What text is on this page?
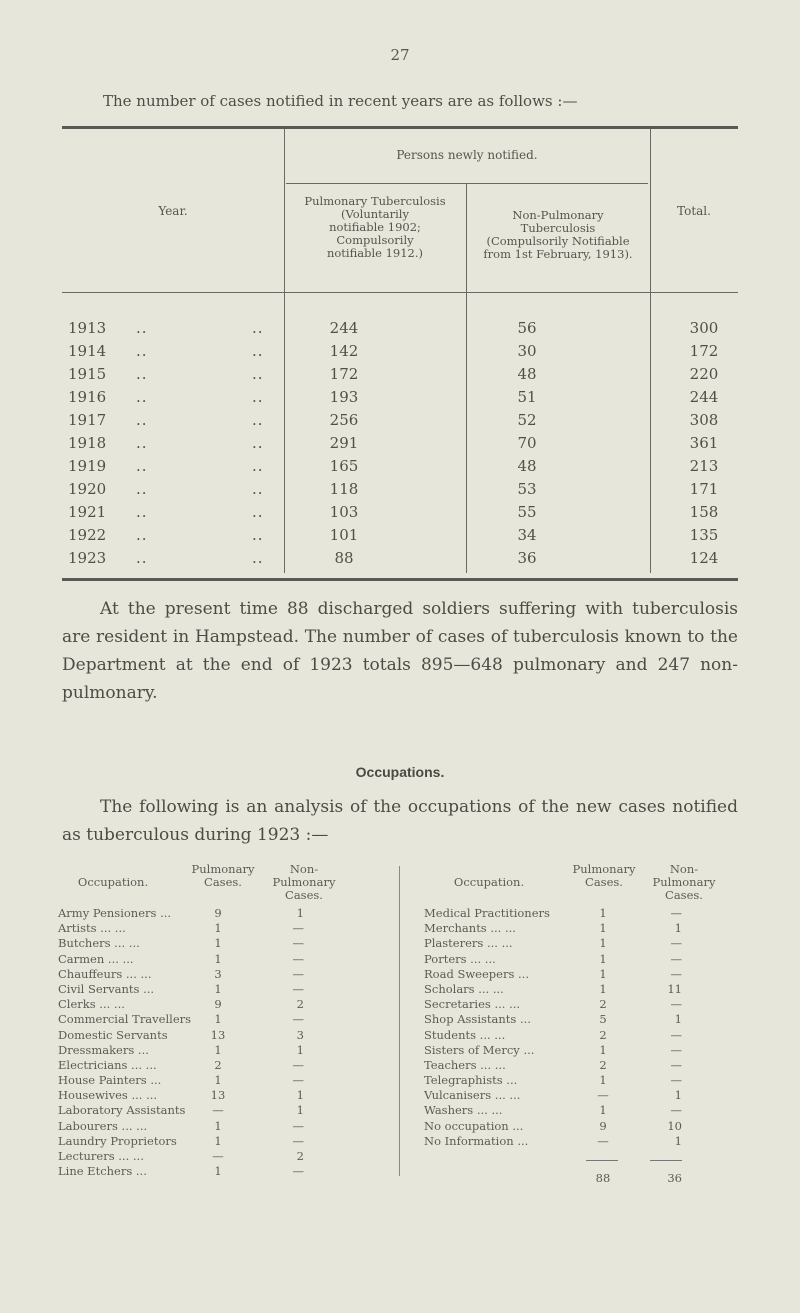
27
The number of cases notified in recent years are as follows :—
Year.
Persons newly notified.
Pulmonary Tuberculosis
(Voluntarily
notifiable 1902;
Compulsorily
notifiable 1912.)
Non-Pulmonary
Tuberculosis
(Compulsorily Notifiable
from 1st February, 1913).
Total.
1913 ..	..	244	56	300
1914 ..	..	142	30	172
1915 ..	..	172	48	220
1916 ..	..	193	51	244
1917 ..	..	256	52	308
1918 ..	..	291	70	361
1919 ..	..	165	48	213
1920 ..	..	118	53	171
1921 ..	..	103	55	158
1922 ..	..	101	34	135
1923 ..	..	88	36	124

At the present time 88 discharged soldiers suffering with tuberculosis are resident in Hampstead. The number of cases of tuberculosis known to the Department at the end of 1923 totals 895—648 pulmonary and 247 non-pulmonary.

Occupations.

The following is an analysis of the occupations of the new cases notified as tuberculous during 1923 :—

Occupation.
Pulmonary
Cases.
Non-
Pulmonary
Cases.
Army Pensioners ...	9	1
Artists ... ...	1	—
Butchers ... ...	1	—
Carmen ... ...	1	—
Chauffeurs ... ...	3	—
Civil Servants ...	1	—
Clerks ... ...	9	2
Commercial Travellers	1	—
Domestic Servants	13	3
Dressmakers ...	1	1
Electricians ... ...	2	—
House Painters ...	1	—
Housewives ... ...	13	1
Laboratory Assistants	—	1
Labourers ... ...	1	—
Laundry Proprietors	1	—
Lecturers ... ...	—	2
Line Etchers ...	1	—
Occupation.
Pulmonary
Cases.
Non-
Pulmonary
Cases.
Medical Practitioners	1	—
Merchants ... ...	1	1
Plasterers ... ...	1	—
Porters ... ...	1	—
Road Sweepers ...	1	—
Scholars ... ...	1	11
Secretaries ... ...	2	—
Shop Assistants ...	5	1
Students ... ...	2	—
Sisters of Mercy ...	1	—
Teachers ... ...	2	—
Telegraphists ...	1	—
Vulcanisers ... ...	—	1
Washers ... ...	1	—
No occupation ...	9	10
No Information ...	—	1
88	36
